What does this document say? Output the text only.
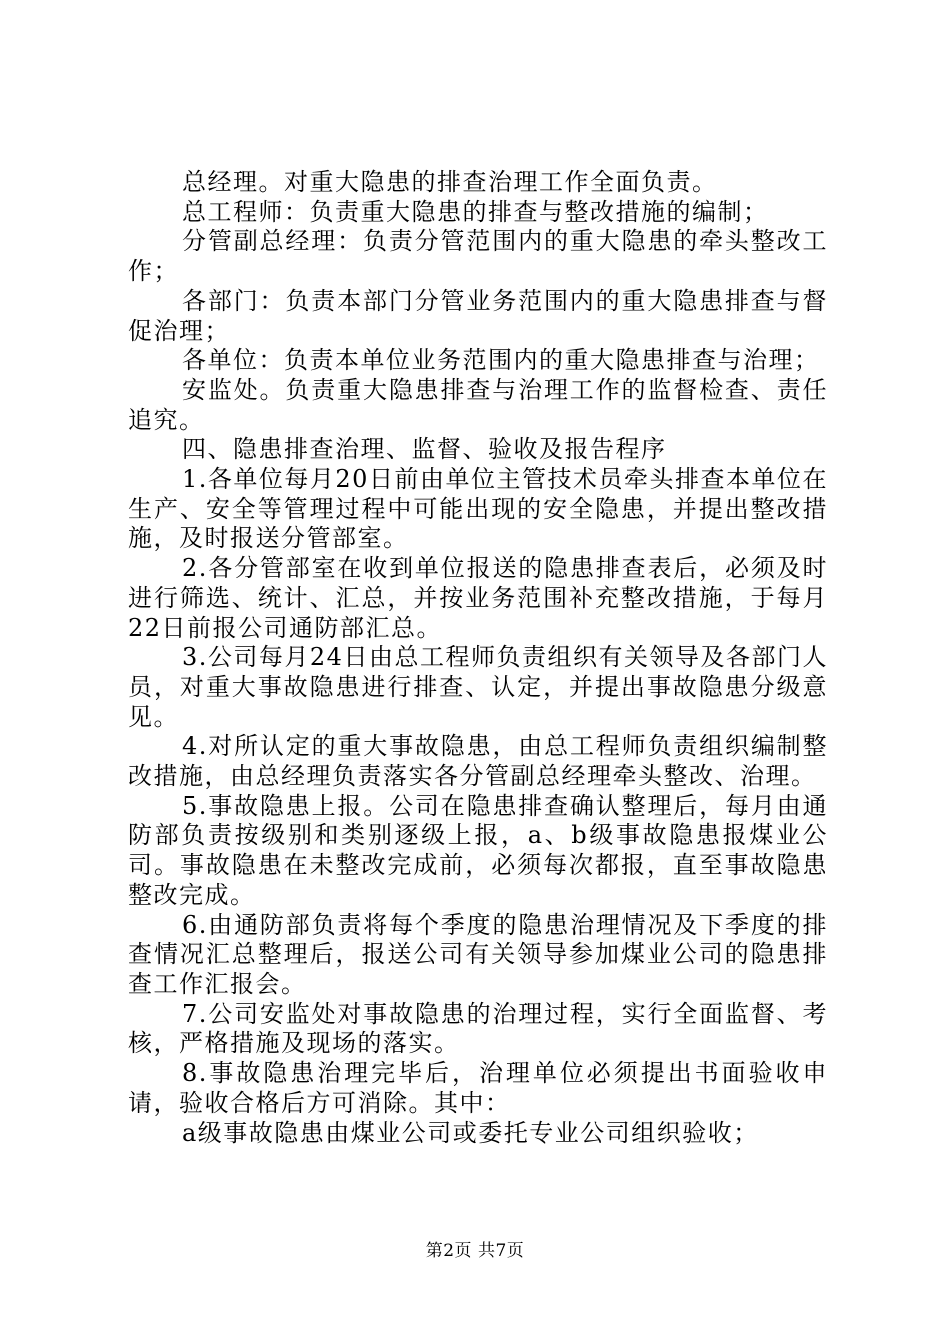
总经理。对重大隐患的排查治理工作全面负责。

总工程师：负责重大隐患的排查与整改措施的编制；

分管副总经理：负责分管范围内的重大隐患的牵头整改工作；

各部门：负责本部门分管业务范围内的重大隐患排查与督促治理；

各单位：负责本单位业务范围内的重大隐患排查与治理；

安监处。负责重大隐患排查与治理工作的监督检查、责任追究。

四、隐患排查治理、监督、验收及报告程序

1.各单位每月20日前由单位主管技术员牵头排查本单位在生产、安全等管理过程中可能出现的安全隐患，并提出整改措施，及时报送分管部室。

2.各分管部室在收到单位报送的隐患排查表后，必须及时进行筛选、统计、汇总，并按业务范围补充整改措施，于每月22日前报公司通防部汇总。

3.公司每月24日由总工程师负责组织有关领导及各部门人员，对重大事故隐患进行排查、认定，并提出事故隐患分级意见。

4.对所认定的重大事故隐患，由总工程师负责组织编制整改措施，由总经理负责落实各分管副总经理牵头整改、治理。

5.事故隐患上报。公司在隐患排查确认整理后，每月由通防部负责按级别和类别逐级上报，a、b级事故隐患报煤业公司。事故隐患在未整改完成前，必须每次都报，直至事故隐患整改完成。

6.由通防部负责将每个季度的隐患治理情况及下季度的排查情况汇总整理后，报送公司有关领导参加煤业公司的隐患排查工作汇报会。

7.公司安监处对事故隐患的治理过程，实行全面监督、考核，严格措施及现场的落实。

8.事故隐患治理完毕后，治理单位必须提出书面验收申请，验收合格后方可消除。其中：

a级事故隐患由煤业公司或委托专业公司组织验收；

第2页 共7页
